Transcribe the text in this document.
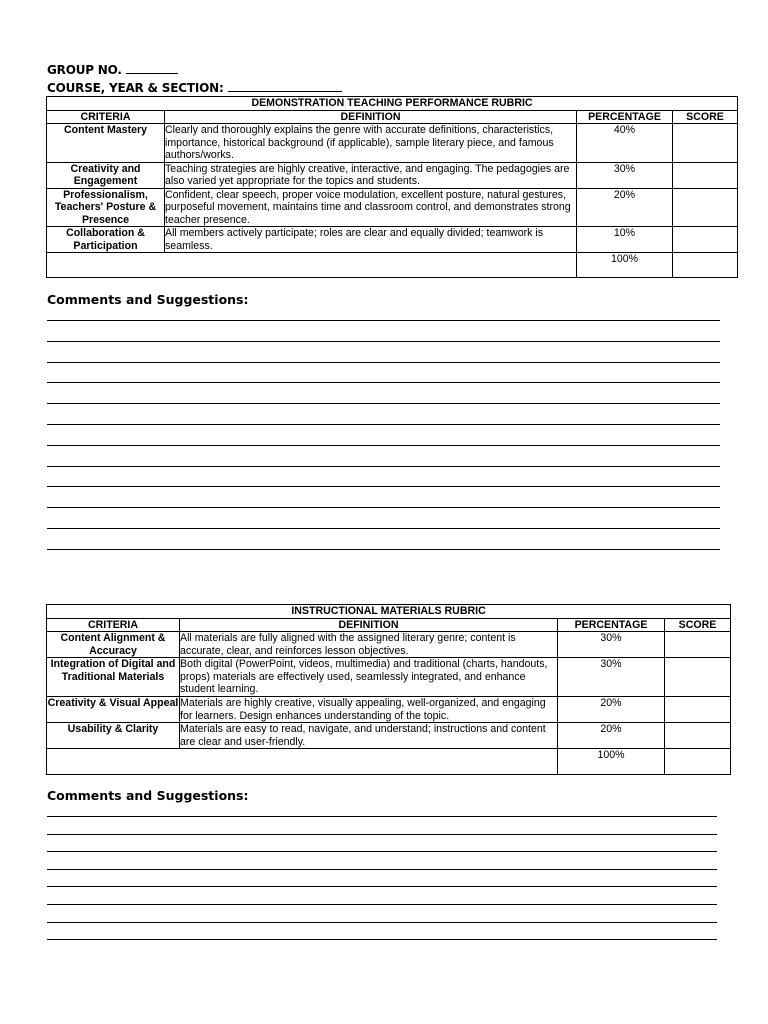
GROUP NO.
COURSE, YEAR & SECTION:
DEMONSTRATION TEACHING PERFORMANCE RUBRIC			
CRITERIA	DEFINITION	PERCENTAGE	SCORE
Content Mastery	Clearly and thoroughly explains the genre with accurate definitions, characteristics, importance, historical background (if applicable), sample literary piece, and famous authors/works.	40%	
Creativity and Engagement	Teaching strategies are highly creative, interactive, and engaging. The pedagogies are also varied yet appropriate for the topics and students.	30%	
Professionalism, Teachers' Posture & Presence	Confident, clear speech, proper voice modulation, excellent posture, natural gestures, purposeful movement, maintains time and classroom control, and demonstrates strong teacher presence.	20%	
Collaboration & Participation	All members actively participate; roles are clear and equally divided; teamwork is seamless.	10%	
		100%	
Comments and Suggestions:
INSTRUCTIONAL MATERIALS RUBRIC			
CRITERIA	DEFINITION	PERCENTAGE	SCORE
Content Alignment & Accuracy	All materials are fully aligned with the assigned literary genre; content is accurate, clear, and reinforces lesson objectives.	30%	
Integration of Digital and Traditional Materials	Both digital (PowerPoint, videos, multimedia) and traditional (charts, handouts, props) materials are effectively used, seamlessly integrated, and enhance student learning.	30%	
Creativity & Visual Appeal	Materials are highly creative, visually appealing, well-organized, and engaging for learners. Design enhances understanding of the topic.	20%	
Usability & Clarity	Materials are easy to read, navigate, and understand; instructions and content are clear and user-friendly.	20%	
		100%	
Comments and Suggestions:
